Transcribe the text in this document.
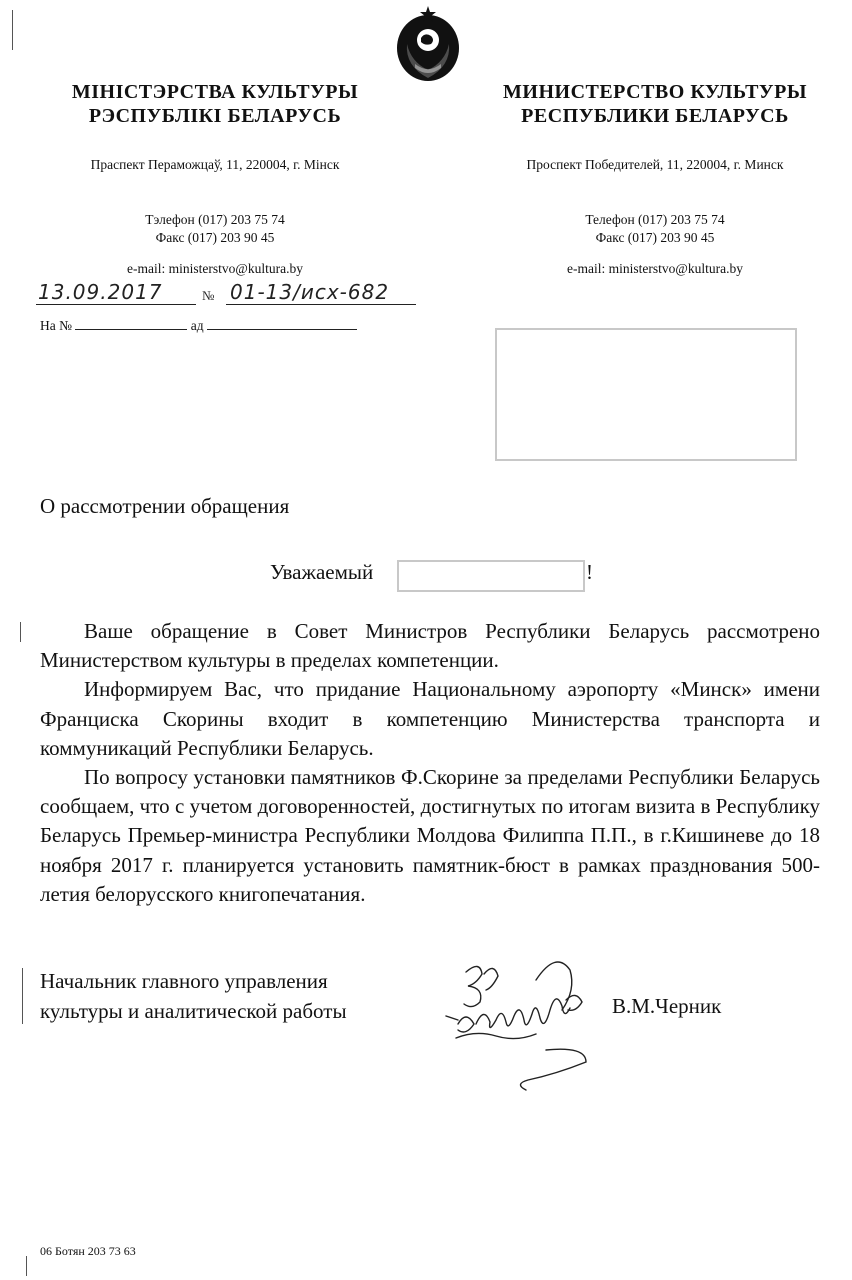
МІНІСТЭРСТВА КУЛЬТУРЫ
РЭСПУБЛІКІ БЕЛАРУСЬ
МИНИСТЕРСТВО КУЛЬТУРЫ
РЕСПУБЛИКИ БЕЛАРУСЬ
Праспект Пераможцаў, 11, 220004, г. Мінск	Проспект Победителей, 11, 220004, г. Минск
Тэлефон (017) 203 75 74
Факс (017) 203 90 45
Телефон (017) 203 75 74
Факс (017) 203 90 45
e-mail: ministerstvo@kultura.by	e-mail: ministerstvo@kultura.by
13.09.2017	№ 01-13/исх-682
На №	ад
О рассмотрении обращения
Уважаемый	!

Ваше обращение в Совет Министров Республики Беларусь рассмотрено Министерством культуры в пределах компетенции.

Информируем Вас, что придание Национальному аэропорту «Минск» имени Франциска Скорины входит в компетенцию Министерства транспорта и коммуникаций Республики Беларусь.

По вопросу установки памятников Ф.Скорине за пределами Республики Беларусь сообщаем, что с учетом договоренностей, достигнутых по итогам визита в Республику Беларусь Премьер-министра Республики Молдова Филиппа П.П., в г.Кишиневе до 18 ноября 2017 г. планируется установить памятник-бюст в рамках празднования 500-летия белорусского книгопечатания.

Начальник главного управления
культуры и аналитической работы	В.М.Черник
06 Ботян 203 73 63
